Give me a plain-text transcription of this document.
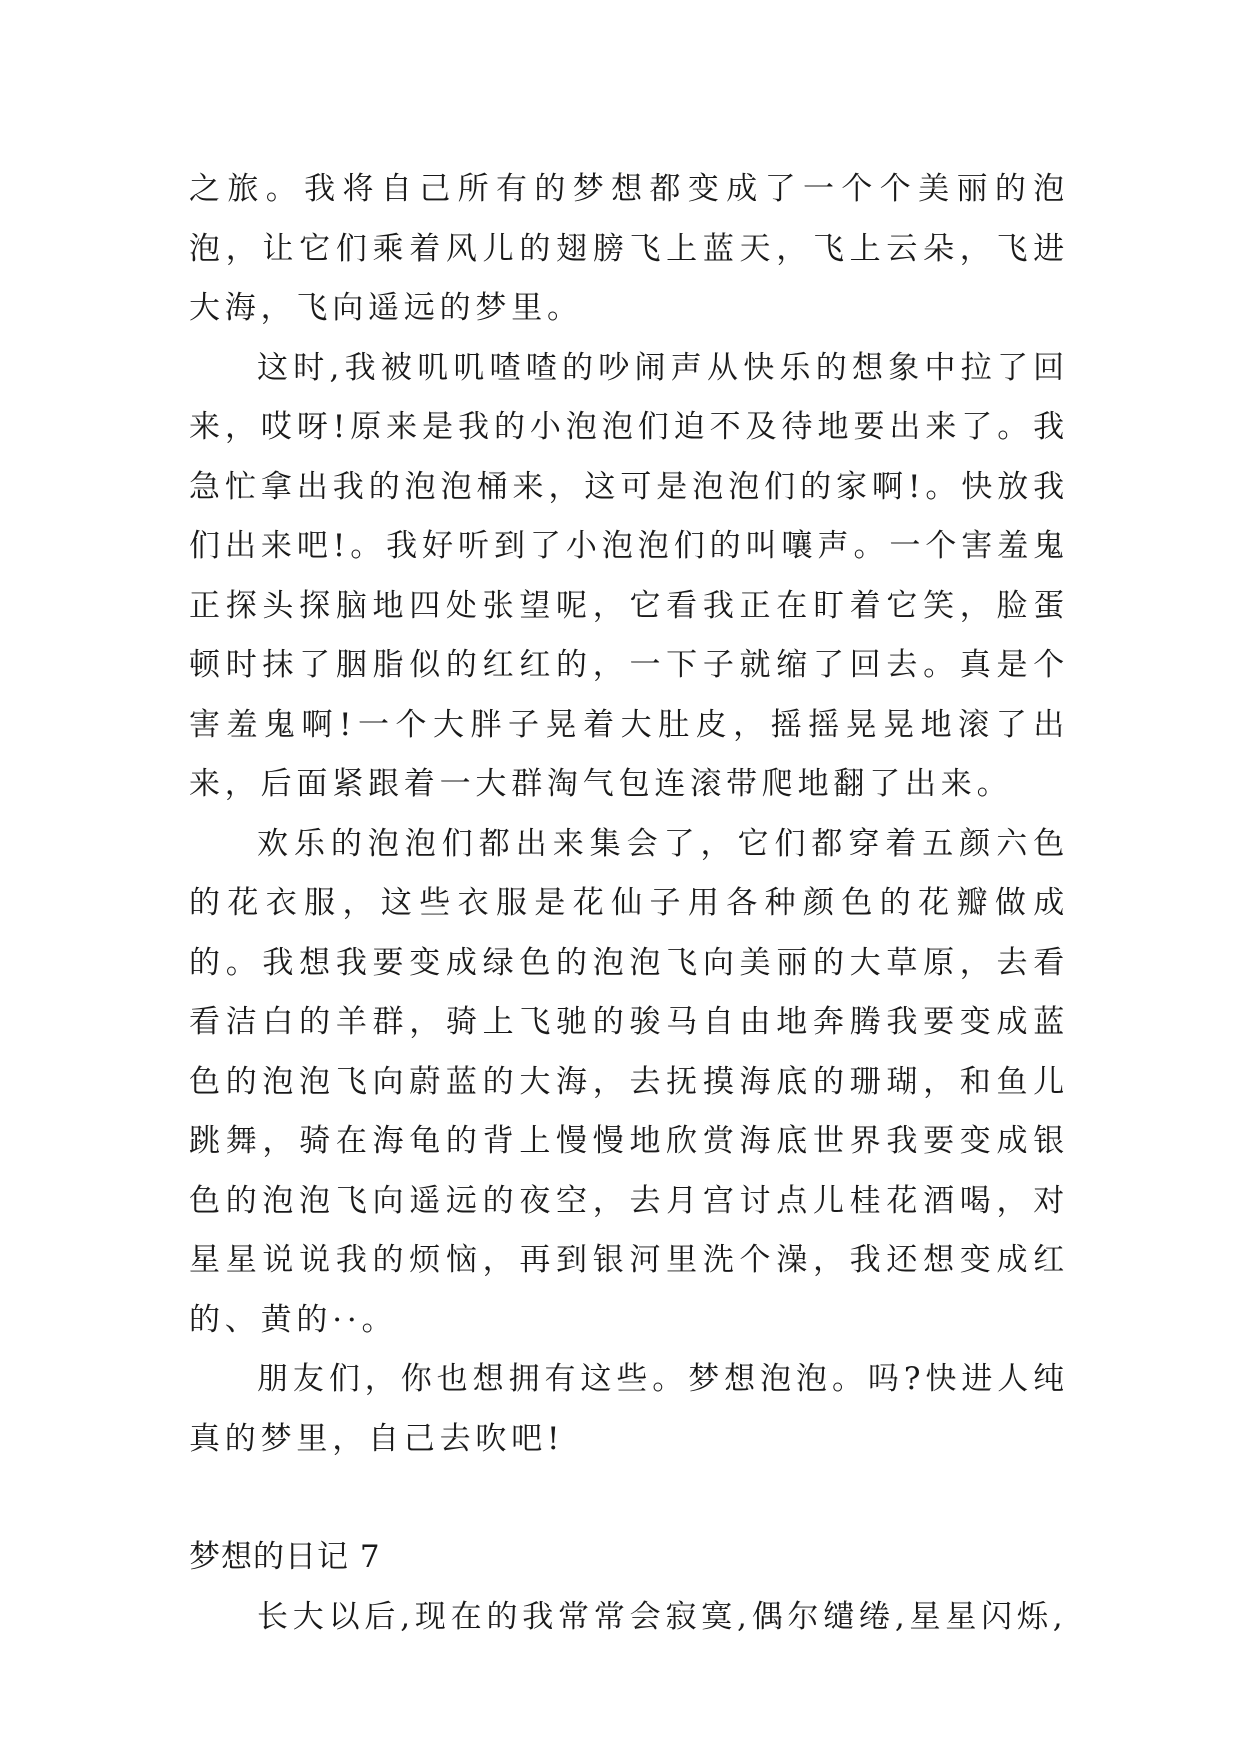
之旅。我将自己所有的梦想都变成了一个个美丽的泡泡，让它们乘着风儿的翅膀飞上蓝天，飞上云朵，飞进大海，飞向遥远的梦里。

这时,我被叽叽喳喳的吵闹声从快乐的想象中拉了回来，哎呀!原来是我的小泡泡们迫不及待地要出来了。我急忙拿出我的泡泡桶来，这可是泡泡们的家啊!。快放我们出来吧!。我好听到了小泡泡们的叫嚷声。一个害羞鬼正探头探脑地四处张望呢，它看我正在盯着它笑，脸蛋顿时抹了胭脂似的红红的，一下子就缩了回去。真是个害羞鬼啊!一个大胖子晃着大肚皮，摇摇晃晃地滚了出来，后面紧跟着一大群淘气包连滚带爬地翻了出来。

欢乐的泡泡们都出来集会了，它们都穿着五颜六色的花衣服，这些衣服是花仙子用各种颜色的花瓣做成的。我想我要变成绿色的泡泡飞向美丽的大草原，去看看洁白的羊群，骑上飞驰的骏马自由地奔腾我要变成蓝色的泡泡飞向蔚蓝的大海，去抚摸海底的珊瑚，和鱼儿跳舞，骑在海龟的背上慢慢地欣赏海底世界我要变成银色的泡泡飞向遥远的夜空，去月宫讨点儿桂花酒喝，对星星说说我的烦恼，再到银河里洗个澡，我还想变成红的、黄的··。

朋友们，你也想拥有这些。梦想泡泡。吗?快进人纯真的梦里，自己去吹吧!

梦想的日记 7

长大以后,现在的我常常会寂寞,偶尔缱绻,星星闪烁,
